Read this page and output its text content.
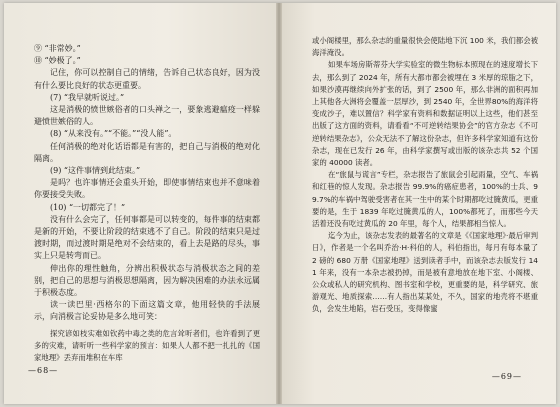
⑨ “非常妙。”

⑩ “妙极了。”

记住，你可以控制自己的情绪，告诉自己状态良好，因为没有什么要比良好的状态更重要。

(7) “我早就听说过。”

这是消极的愤世嫉俗者的口头禅之一，要象逃避瘟疫一样躲避愤世嫉俗的人。

(8) “从来没有。”“不能。”“没人能”。

任何消极的绝对化话语都是有害的，把自己与消极的绝对化隔离。

(9) “这件事情到此结束。”

是吗？也许事情还会重头开始，即使事情结束也并不意味着你要接受失败。

(10) “一切都完了！”

没有什么会完了，任何事都是可以转变的，每件事的结束都是新的开始，不要让阶段的结束逃不了自己。阶段的结束只是过渡时期，而过渡时期是绝对不会结束的，看上去是路的尽头，事实上只是转弯而已。

伸出你的理性触角，分辨出积极状态与消极状态之间的差别，把自己的思想与消极思想隔离，因为解决困难的办法永远属于积极态度。

读一读巴里·西格尔的下面这篇文章，他用轻快的手法展示，向消极言论妥协是多么地可笑：

探究谚如枝实难如钦药中毒之类的危言耸听者们，也许看到了更多的灾难，请听听一些科学家的预言：如果人人都不把一扎扎的《国家地理》丢弃而堆积在车库

—68—

或小阁楼里，那么杂志的重量很快会使陆地下沉 100 米，我们都会被海洋淹没。

如果车场房斯蒂芬大学实验室的微生物标本照现在的速度增长下去，那么到了 2024 年，所有大都市都会被埋在 3 米厚的琼脂之下，如果沙漠再继续向外扩张的话，到了 2500 年，那么非洲的面积再加上其他各大洲将会覆盖一层厚沙，到 2540 年，全世界80%的海洋将变成沙子，难以置信？科学家有资料和数据证明以上这些，他们甚至出版了这方面的资料，请看看“不可逆转结果协会”的官方杂志《不可逆转结果杂志》，公众无法不了解这份杂志，但许多科学家知道有这份杂志，现在已发行 26 年，由科学家撰写或出版的该杂志共 52 个国家的 40000 读者。

在“旅鼠与谎言”专栏，杂志报告了旅鼠会引起雨量，空气、车祸和红巷的惊人发现。杂志报告 99.9%的癌症患者，100%的士兵、99.7%的车祸中驾驶受害者在其一生中的某个时期都吃过腌黄瓜，更重要的是，生于 1839 年吃过腌黄瓜的人，100%都死了，而那些今天活着还没有吃过黄瓜的 20 年里，每个人，结果都相当惊人。

迄今为止，该杂志发表的最著名的文章是《《国家地理》·最后审判日》，作者是一个名叫乔治·H·科伯的人，科伯指出，每月有每本量了 2 磅的 680 万册《国家地理》送到读者手中，而该杂志去版发行 141 年来，没有一本杂志被扔掉，而是被有意地放在地下室、小阁楼、公众或私人的研究机构、图书室和学校，更重要的是，科学研究、旅游观光、地质探索……有人指出某某处，不久，国家的地壳将不堪重负，会发生地陷，岩石受压，变得像蜜

—69—
